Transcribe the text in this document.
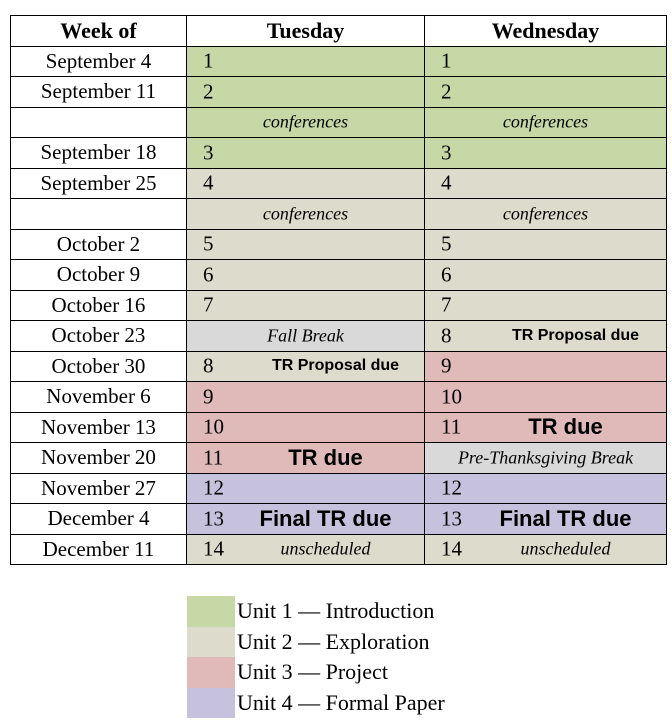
Week of	Tuesday	Wednesday
September 4	1	1

September 11	2	2

	conferences	conferences

September 18	3	3

September 25	4	4

	conferences	conferences

October 2	5	5

October 9	6	6

October 16	7	7

October 23	Fall Break	8 TR Proposal due

October 30	8 TR Proposal due	9

November 6	9	10

November 13	10	11 TR due

November 20	11 TR due	Pre-Thanksgiving Break

November 27	12	12

December 4	13 Final TR due	13 Final TR due

December 11	14 unscheduled	14 unscheduled
Unit 1 — Introduction
Unit 2 — Exploration
Unit 3 — Project
Unit 4 — Formal Paper
